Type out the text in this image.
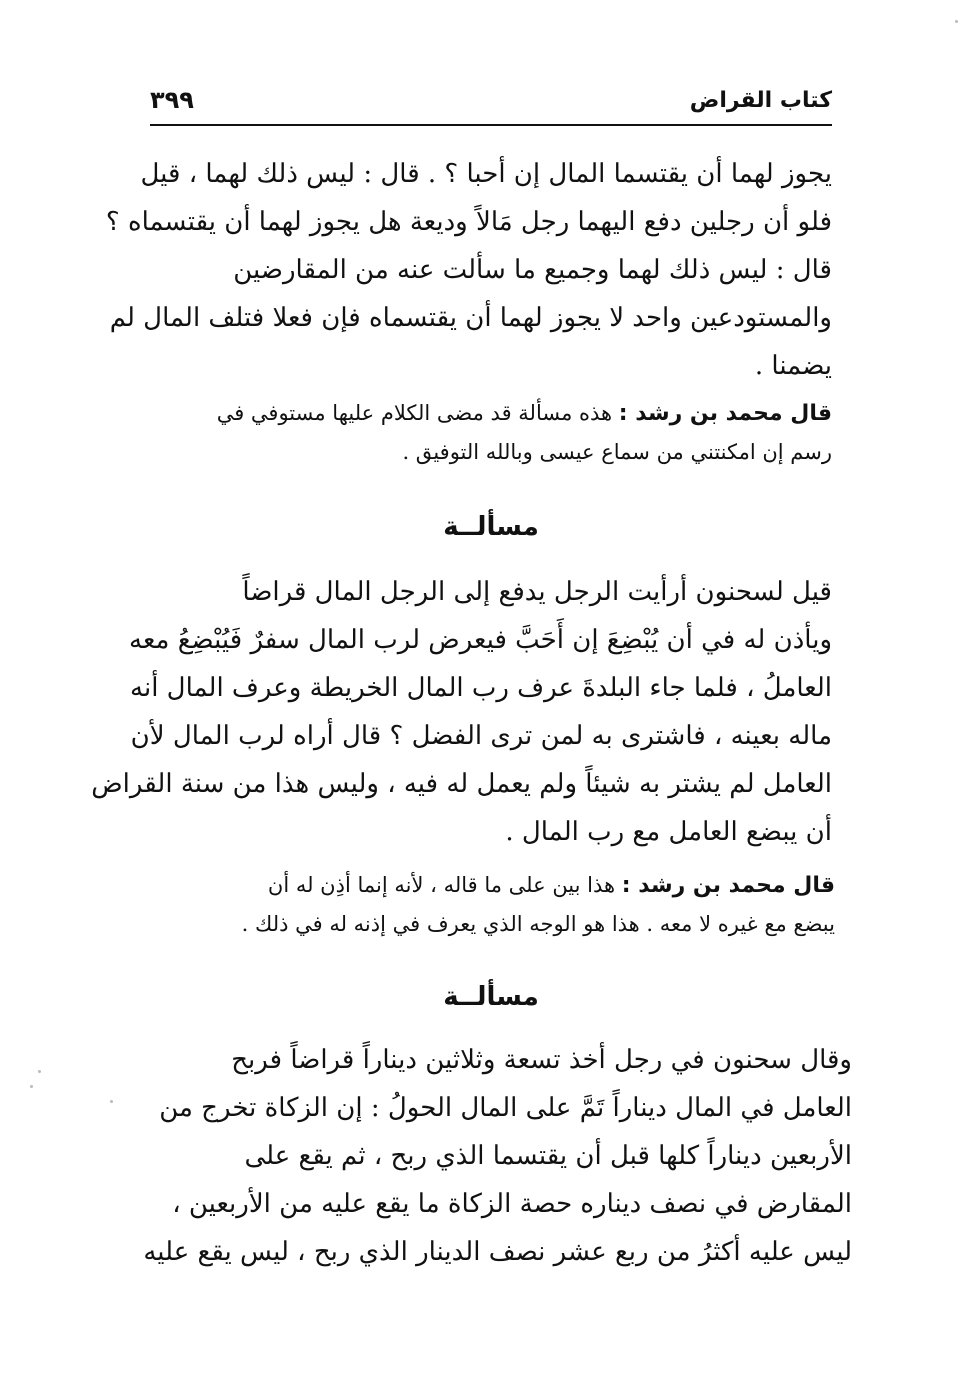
كتاب القراض
٣٩٩
يجوز لهما أن يقتسما المال إن أحبا ؟ . قال : ليس ذلك لهما ، قيل
فلو أن رجلين دفع اليهما رجل مَالاً وديعة هل يجوز لهما أن يقتسماه ؟
قال : ليس ذلك لهما وجميع ما سألت عنه من المقارضين
والمستودعين واحد لا يجوز لهما أن يقتسماه فإن فعلا فتلف المال لم
يضمنا .
قال محمد بن رشد : هذه مسألة قد مضى الكلام عليها مستوفي في
رسم إن امكنتني من سماع عيسى وبالله التوفيق .
مسألــة
قيل لسحنون أرأيت الرجل يدفع إلى الرجل المال قراضاً
ويأذن له في أن يُبْضِعَ إن أَحَبَّ فيعرض لرب المال سفرٌ فَيُبْضِعُ معه
العاملُ ، فلما جاء البلدةَ عرف رب المال الخريطة وعرف المال أنه
ماله بعينه ، فاشترى به لمن ترى الفضل ؟ قال أراه لرب المال لأن
العامل لم يشتر به شيئاً ولم يعمل له فيه ، وليس هذا من سنة القراض
أن يبضع العامل مع رب المال .
قال محمد بن رشد : هذا بين على ما قاله ، لأنه إنما أذِن له أن
يبضع مع غيره لا معه . هذا هو الوجه الذي يعرف في إذنه له في ذلك .
مسألــة
وقال سحنون في رجل أخذ تسعة وثلاثين ديناراً قراضاً فربح
العامل في المال ديناراً تَمَّ على المال الحولُ : إن الزكاة تخرج من
الأربعين ديناراً كلها قبل أن يقتسما الذي ربح ، ثم يقع على
المقارض في نصف ديناره حصة الزكاة ما يقع عليه من الأربعين ،
ليس عليه أكثرُ من ربع عشر نصف الدينار الذي ربح ، ليس يقع عليه
